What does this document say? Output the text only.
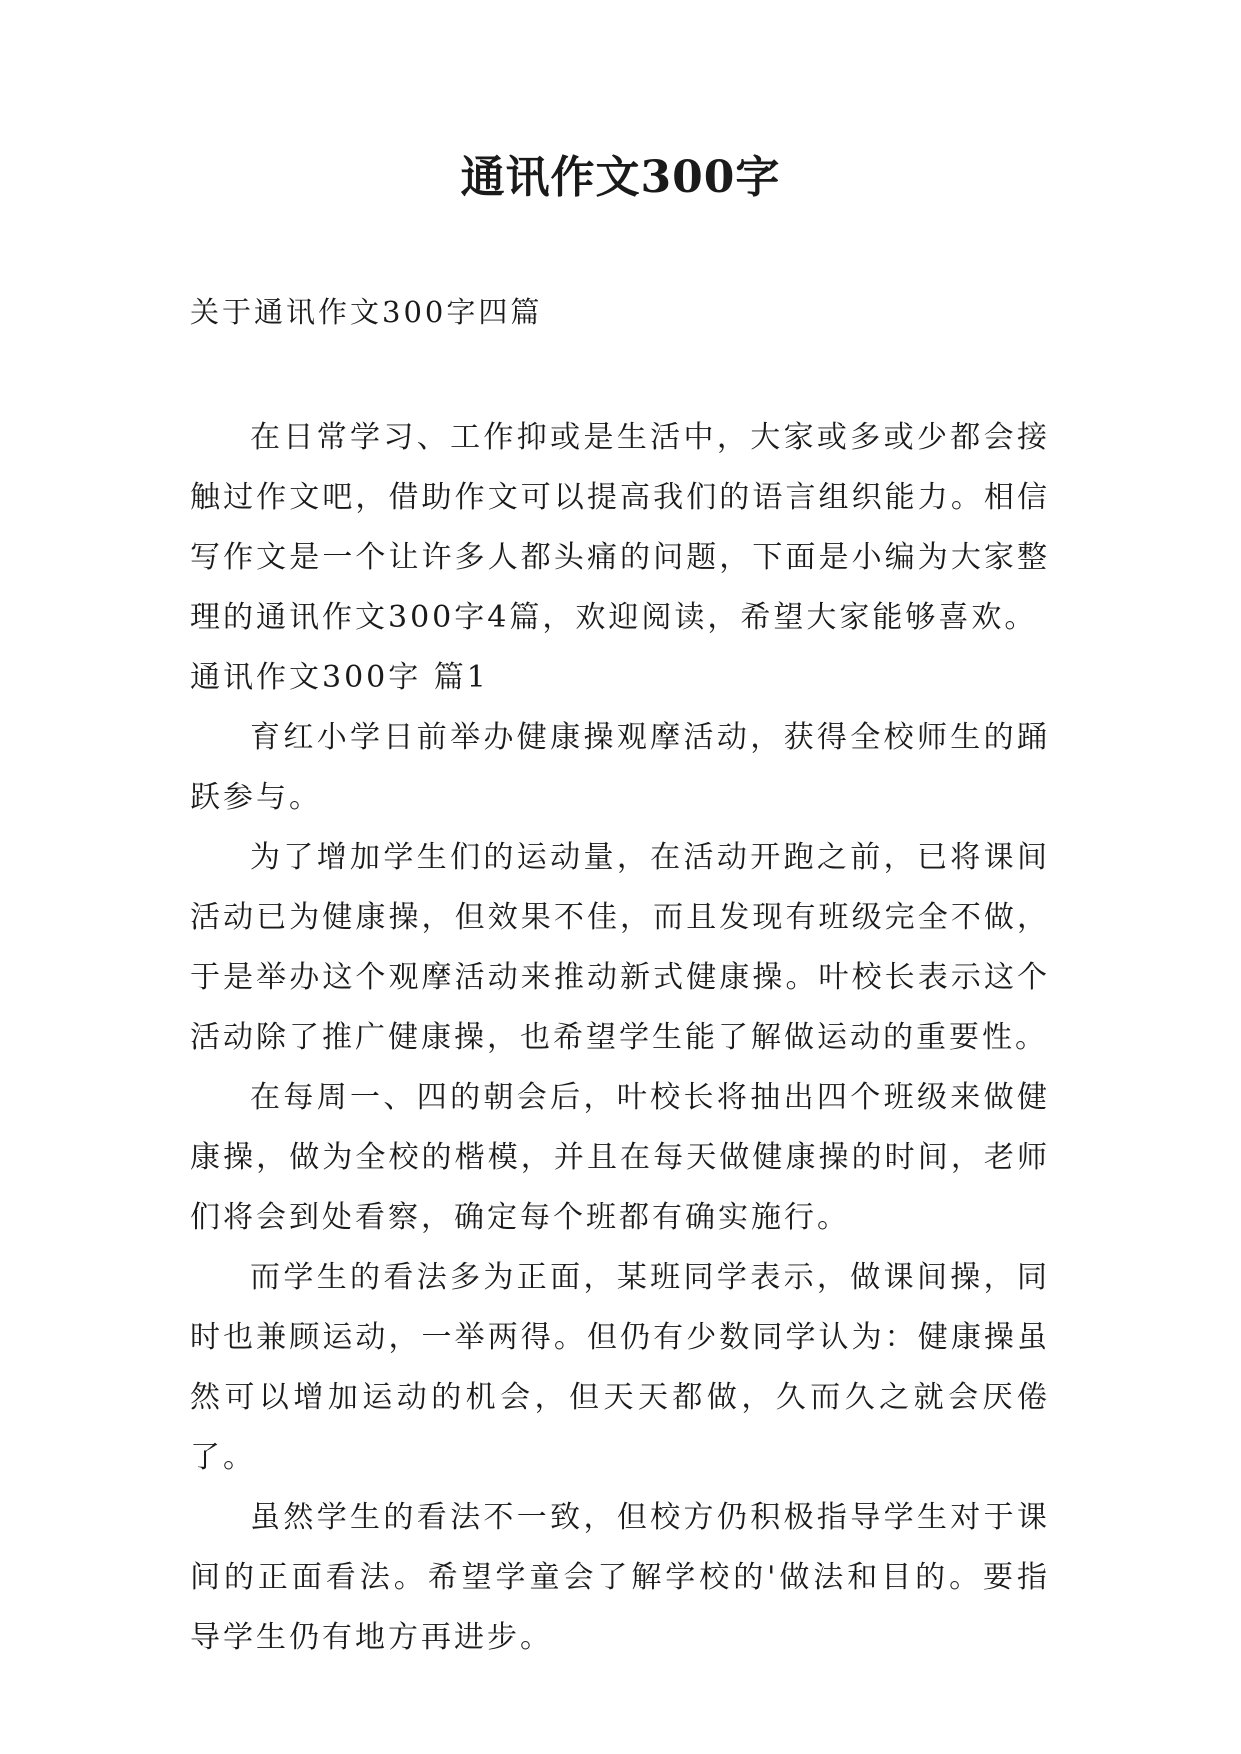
通讯作文300字
关于通讯作文300字四篇

在日常学习、工作抑或是生活中，大家或多或少都会接触过作文吧，借助作文可以提高我们的语言组织能力。相信写作文是一个让许多人都头痛的问题，下面是小编为大家整理的通讯作文300字4篇，欢迎阅读，希望大家能够喜欢。

通讯作文300字 篇1

育红小学日前举办健康操观摩活动，获得全校师生的踊跃参与。

为了增加学生们的运动量，在活动开跑之前，已将课间活动已为健康操，但效果不佳，而且发现有班级完全不做，于是举办这个观摩活动来推动新式健康操。叶校长表示这个活动除了推广健康操，也希望学生能了解做运动的重要性。

在每周一、四的朝会后，叶校长将抽出四个班级来做健康操，做为全校的楷模，并且在每天做健康操的时间，老师们将会到处看察，确定每个班都有确实施行。

而学生的看法多为正面，某班同学表示，做课间操，同时也兼顾运动，一举两得。但仍有少数同学认为：健康操虽然可以增加运动的机会，但天天都做，久而久之就会厌倦了。

虽然学生的看法不一致，但校方仍积极指导学生对于课间的正面看法。希望学童会了解学校的'做法和目的。要指导学生仍有地方再进步。
